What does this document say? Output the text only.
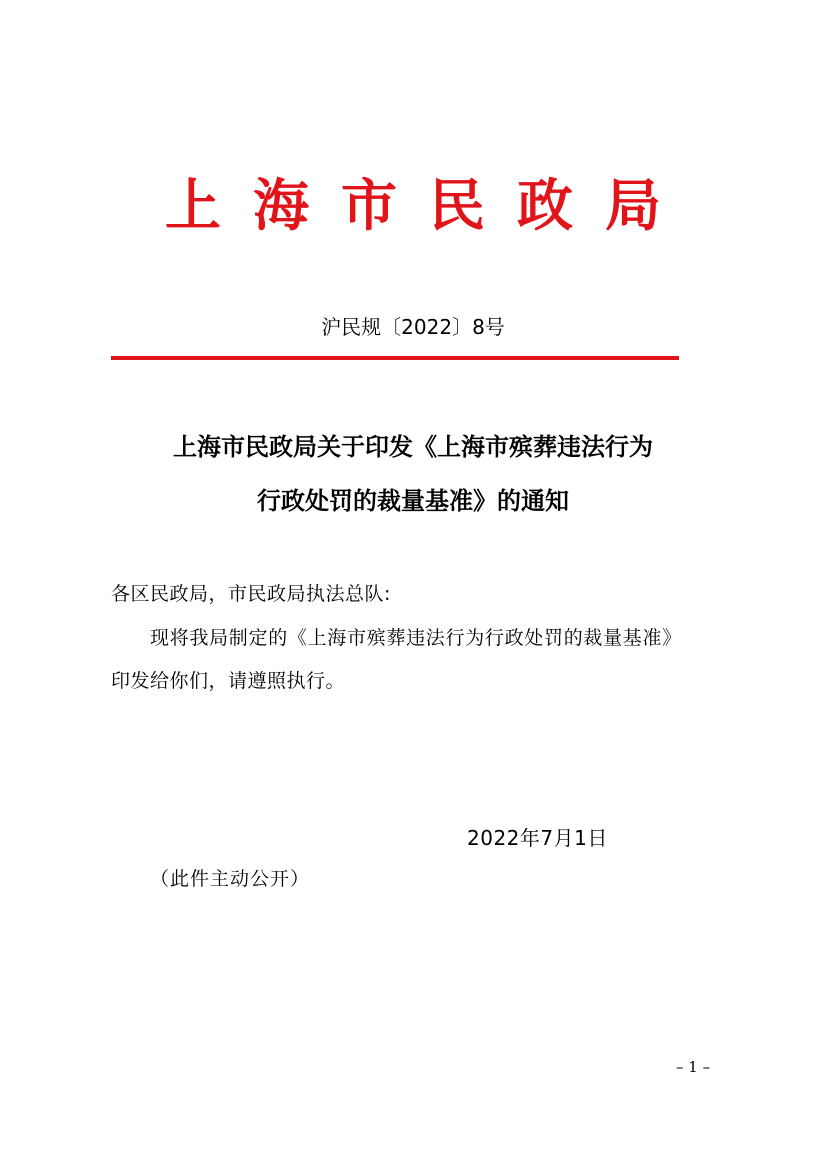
上海市民政局
沪民规〔2022〕8号
上海市民政局关于印发《上海市殡葬违法行为
行政处罚的裁量基准》的通知
各区民政局，市民政局执法总队:
现将我局制定的《上海市殡葬违法行为行政处罚的裁量基准》
印发给你们，请遵照执行。
2022年7月1日
（此件主动公开）
– 1 –
